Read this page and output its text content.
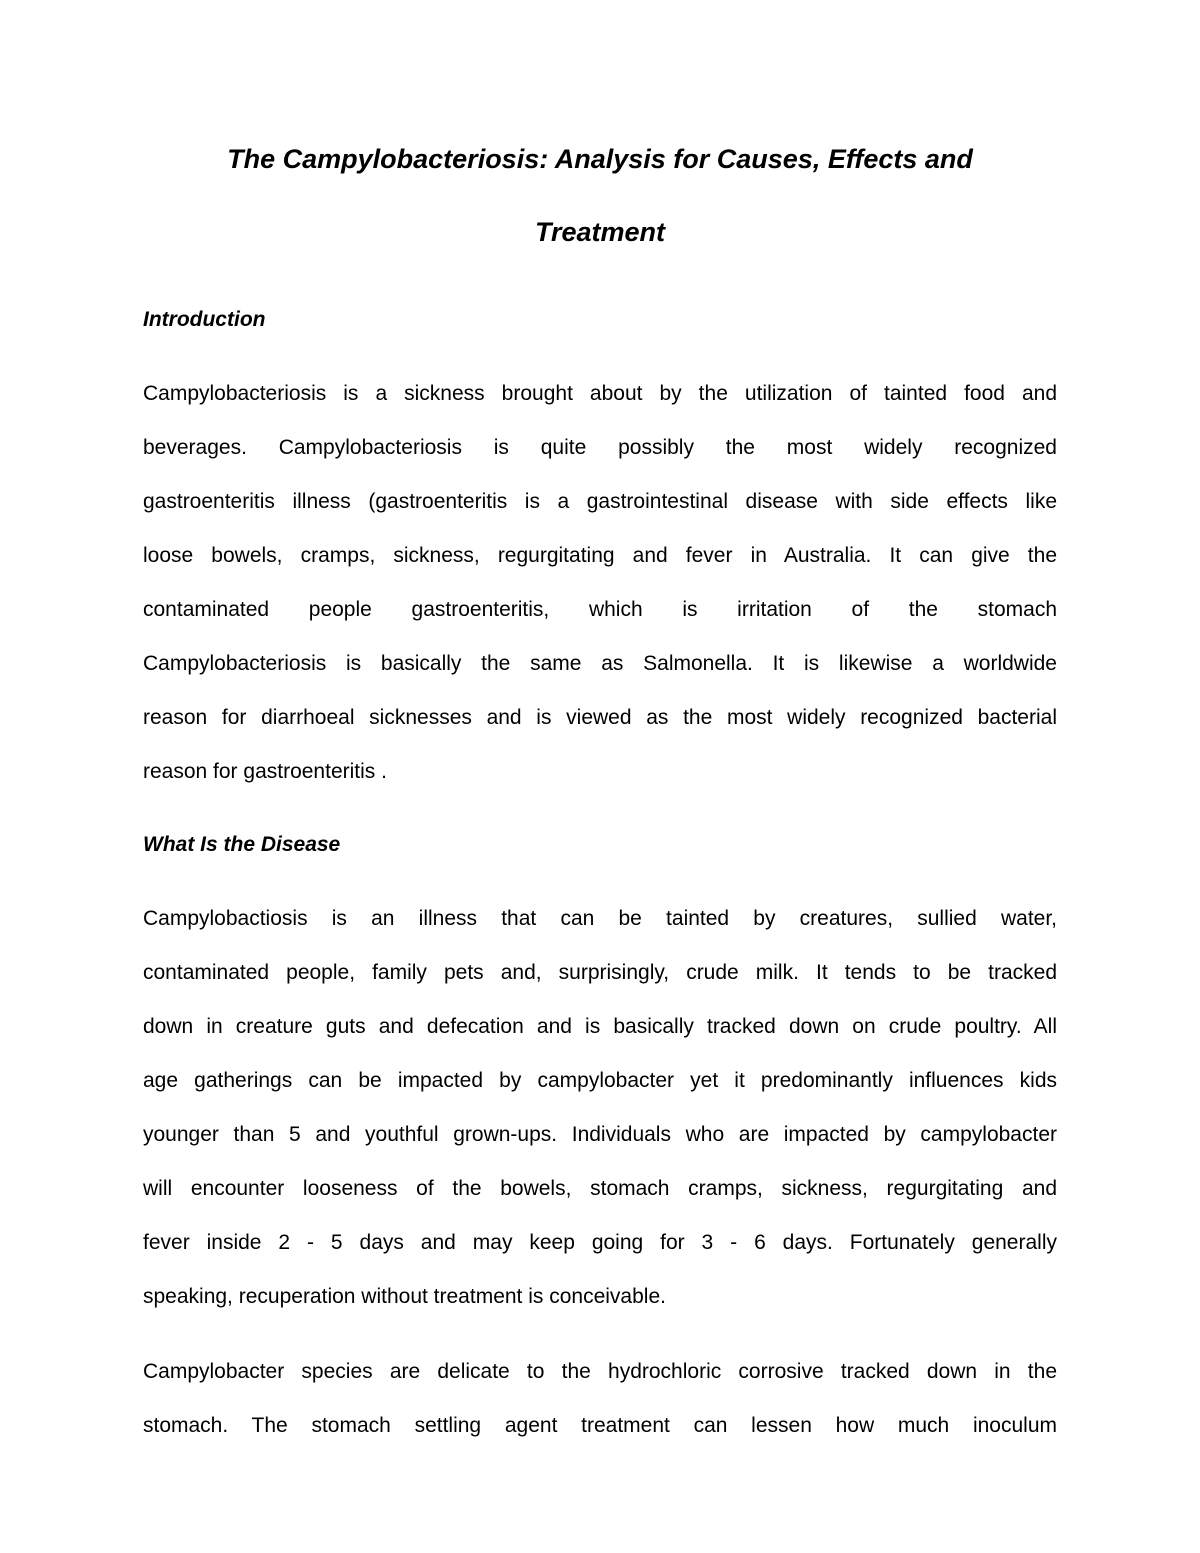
The Campylobacteriosis: Analysis for Causes, Effects and
Treatment
Introduction
Campylobacteriosis is a sickness brought about by the utilization of tainted food and
beverages. Campylobacteriosis is quite possibly the most widely recognized
gastroenteritis illness (gastroenteritis is a gastrointestinal disease with side effects like
loose bowels, cramps, sickness, regurgitating and fever in Australia. It can give the
contaminated people gastroenteritis, which is irritation of the stomach
Campylobacteriosis is basically the same as Salmonella. It is likewise a worldwide
reason for diarrhoeal sicknesses and is viewed as the most widely recognized bacterial
reason for gastroenteritis .
What Is the Disease
Campylobactiosis is an illness that can be tainted by creatures, sullied water,
contaminated people, family pets and, surprisingly, crude milk. It tends to be tracked
down in creature guts and defecation and is basically tracked down on crude poultry. All
age gatherings can be impacted by campylobacter yet it predominantly influences kids
younger than 5 and youthful grown-ups. Individuals who are impacted by campylobacter
will encounter looseness of the bowels, stomach cramps, sickness, regurgitating and
fever inside 2 - 5 days and may keep going for 3 - 6 days. Fortunately generally
speaking, recuperation without treatment is conceivable.
Campylobacter species are delicate to the hydrochloric corrosive tracked down in the
stomach. The stomach settling agent treatment can lessen how much inoculum
